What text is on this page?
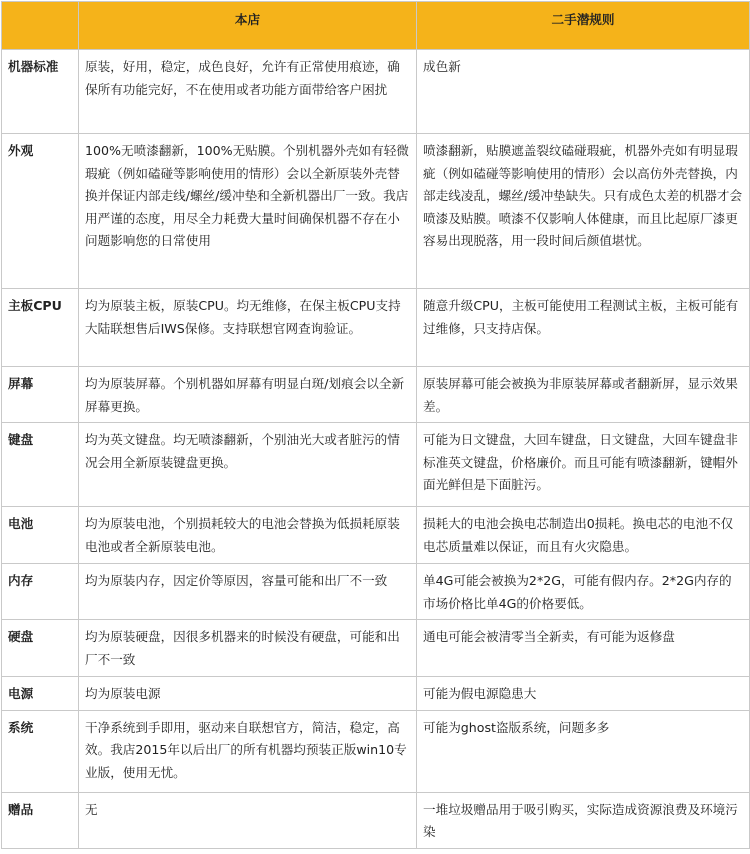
	本店	二手潜规则
机器标准	原装，好用，稳定，成色良好，允许有正常使用痕迹，确保所有功能完好，不在使用或者功能方面带给客户困扰	成色新
外观	100%无喷漆翻新，100%无贴膜。个别机器外壳如有轻微瑕疵（例如磕碰等影响使用的情形）会以全新原装外壳替换并保证内部走线/螺丝/缓冲垫和全新机器出厂一致。我店用严谨的态度，用尽全力耗费大量时间确保机器不存在小问题影响您的日常使用	喷漆翻新，贴膜遮盖裂纹磕碰瑕疵，机器外壳如有明显瑕疵（例如磕碰等影响使用的情形）会以高仿外壳替换，内部走线凌乱，螺丝/缓冲垫缺失。只有成色太差的机器才会喷漆及贴膜。喷漆不仅影响人体健康，而且比起原厂漆更容易出现脱落，用一段时间后颜值堪忧。
主板CPU	均为原装主板，原装CPU。均无维修，在保主板CPU支持大陆联想售后IWS保修。支持联想官网查询验证。	随意升级CPU，主板可能使用工程测试主板，主板可能有过维修，只支持店保。
屏幕	均为原装屏幕。个别机器如屏幕有明显白斑/划痕会以全新屏幕更换。	原装屏幕可能会被换为非原装屏幕或者翻新屏，显示效果差。
键盘	均为英文键盘。均无喷漆翻新，个别油光大或者脏污的情况会用全新原装键盘更换。	可能为日文键盘，大回车键盘，日文键盘，大回车键盘非标准英文键盘，价格廉价。而且可能有喷漆翻新，键帽外面光鲜但是下面脏污。
电池	均为原装电池，个别损耗较大的电池会替换为低损耗原装电池或者全新原装电池。	损耗大的电池会换电芯制造出0损耗。换电芯的电池不仅电芯质量难以保证，而且有火灾隐患。
内存	均为原装内存，因定价等原因，容量可能和出厂不一致	单4G可能会被换为2*2G，可能有假内存。2*2G内存的市场价格比单4G的价格要低。
硬盘	均为原装硬盘，因很多机器来的时候没有硬盘，可能和出厂不一致	通电可能会被清零当全新卖，有可能为返修盘
电源	均为原装电源	可能为假电源隐患大
系统	干净系统到手即用，驱动来自联想官方，简洁，稳定，高效。我店2015年以后出厂的所有机器均预装正版win10专业版，使用无忧。	可能为ghost盗版系统，问题多多
赠品	无	一堆垃圾赠品用于吸引购买，实际造成资源浪费及环境污染
